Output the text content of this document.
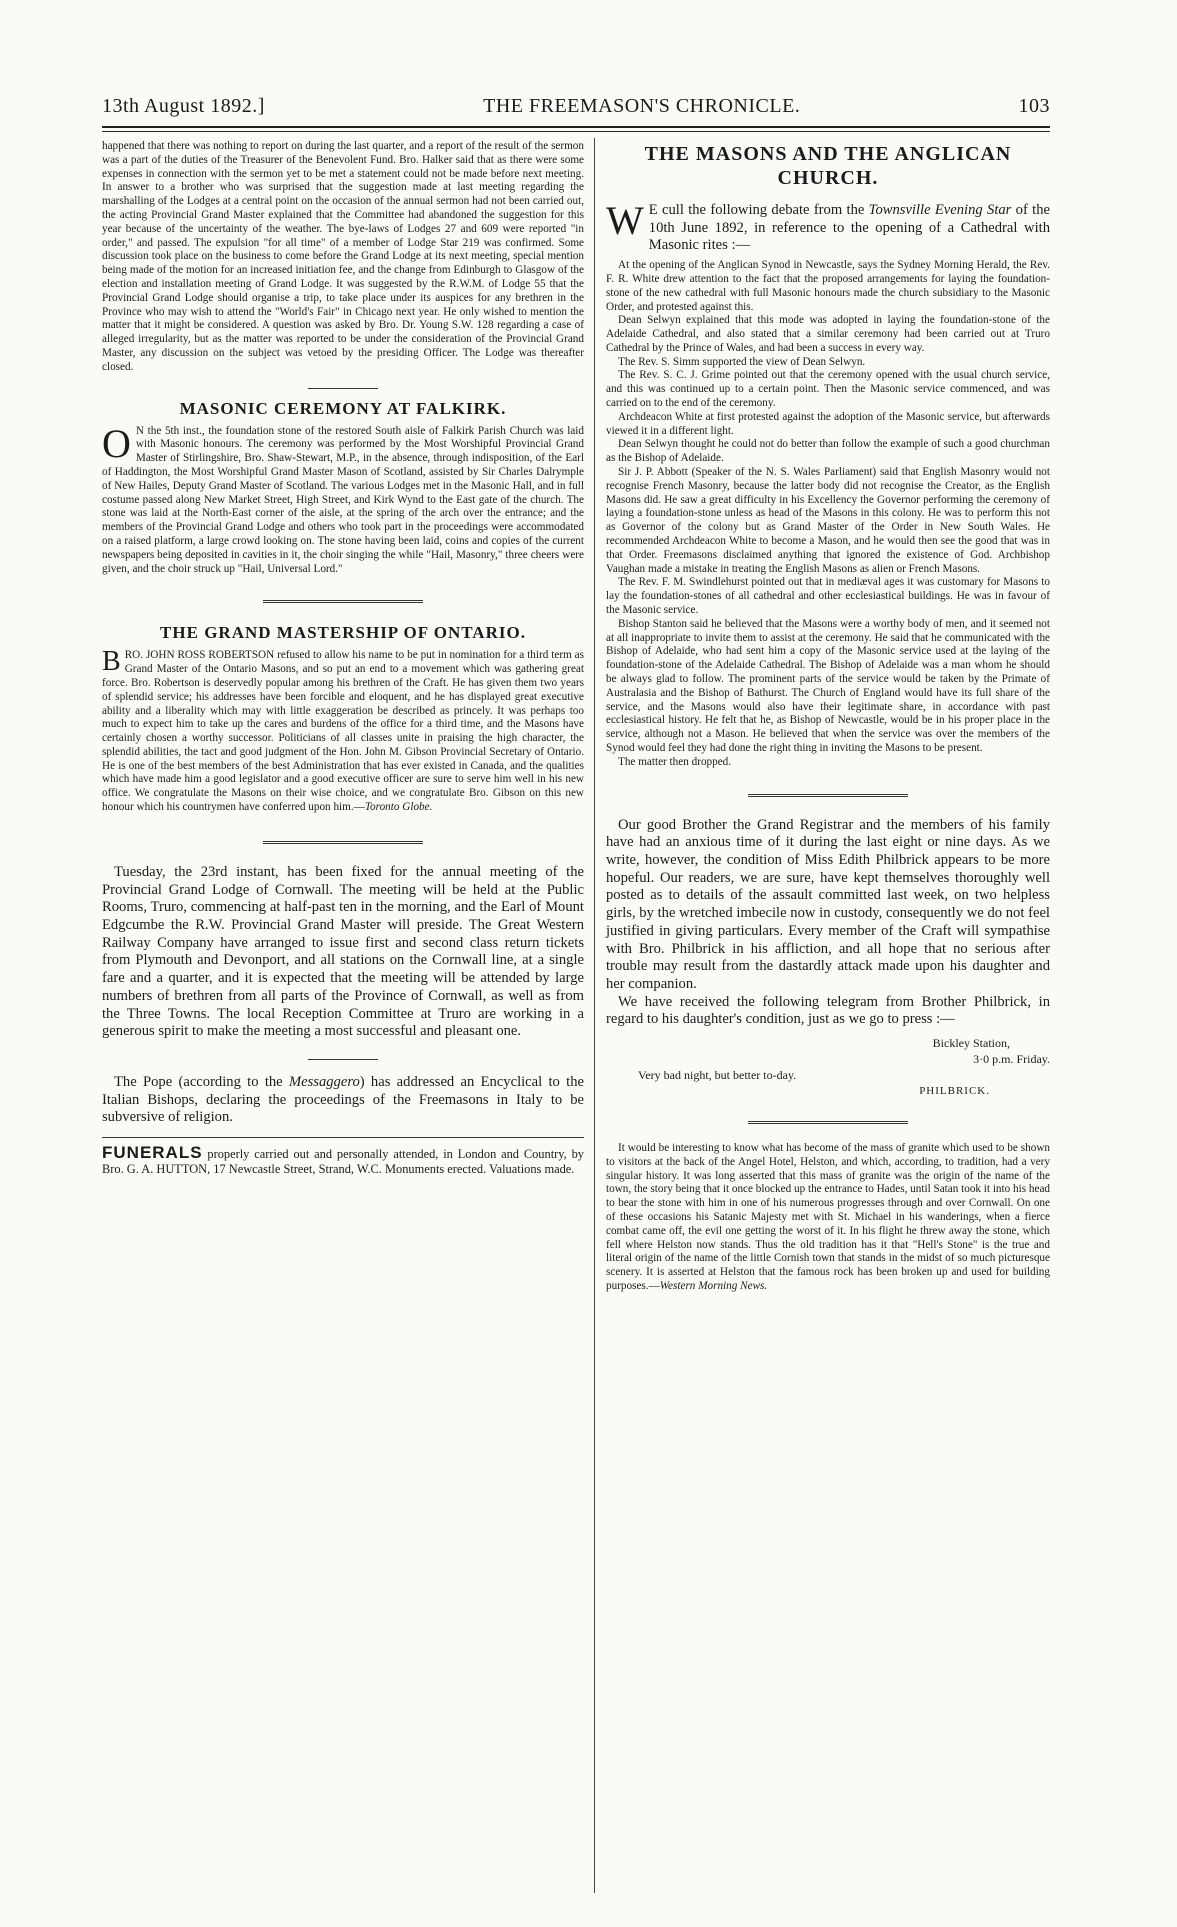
13th August 1892.]	THE FREEMASON'S CHRONICLE.	103

happened that there was nothing to report on during the last quarter, and a report of the result of the sermon was a part of the duties of the Treasurer of the Benevolent Fund. Bro. Halker said that as there were some expenses in connection with the sermon yet to be met a statement could not be made before next meeting. In answer to a brother who was surprised that the suggestion made at last meeting regarding the marshalling of the Lodges at a central point on the occasion of the annual sermon had not been carried out, the acting Provincial Grand Master explained that the Committee had abandoned the suggestion for this year because of the uncertainty of the weather. The bye-laws of Lodges 27 and 609 were reported "in order," and passed. The expulsion "for all time" of a member of Lodge Star 219 was confirmed. Some discussion took place on the business to come before the Grand Lodge at its next meeting, special mention being made of the motion for an increased initiation fee, and the change from Edinburgh to Glasgow of the election and installation meeting of Grand Lodge. It was suggested by the R.W.M. of Lodge 55 that the Provincial Grand Lodge should organise a trip, to take place under its auspices for any brethren in the Province who may wish to attend the "World's Fair" in Chicago next year. He only wished to mention the matter that it might be considered. A question was asked by Bro. Dr. Young S.W. 128 regarding a case of alleged irregularity, but as the matter was reported to be under the consideration of the Provincial Grand Master, any discussion on the subject was vetoed by the presiding Officer. The Lodge was thereafter closed.

MASONIC CEREMONY AT FALKIRK.

O N the 5th inst., the foundation stone of the restored South aisle of Falkirk Parish Church was laid with Masonic honours. The ceremony was performed by the Most Worshipful Provincial Grand Master of Stirlingshire, Bro. Shaw-Stewart, M.P., in the absence, through indisposition, of the Earl of Haddington, the Most Worshipful Grand Master Mason of Scotland, assisted by Sir Charles Dalrymple of New Hailes, Deputy Grand Master of Scotland. The various Lodges met in the Masonic Hall, and in full costume passed along New Market Street, High Street, and Kirk Wynd to the East gate of the church. The stone was laid at the North-East corner of the aisle, at the spring of the arch over the entrance; and the members of the Provincial Grand Lodge and others who took part in the proceedings were accommodated on a raised platform, a large crowd looking on. The stone having been laid, coins and copies of the current newspapers being deposited in cavities in it, the choir singing the while "Hail, Masonry," three cheers were given, and the choir struck up "Hail, Universal Lord."

THE GRAND MASTERSHIP OF ONTARIO.

BRO. JOHN ROSS ROBERTSON refused to allow his name to be put in nomination for a third term as Grand Master of the Ontario Masons, and so put an end to a movement which was gathering great force. Bro. Robertson is deservedly popular among his brethren of the Craft. He has given them two years of splendid service; his addresses have been forcible and eloquent, and he has displayed great executive ability and a liberality which may with little exaggeration be described as princely. It was perhaps too much to expect him to take up the cares and burdens of the office for a third time, and the Masons have certainly chosen a worthy successor. Politicians of all classes unite in praising the high character, the splendid abilities, the tact and good judgment of the Hon. John M. Gibson Provincial Secretary of Ontario. He is one of the best members of the best Administration that has ever existed in Canada, and the qualities which have made him a good legislator and a good executive officer are sure to serve him well in his new office. We congratulate the Masons on their wise choice, and we congratulate Bro. Gibson on this new honour which his countrymen have conferred upon him.—Toronto Globe.

Tuesday, the 23rd instant, has been fixed for the annual meeting of the Provincial Grand Lodge of Cornwall. The meeting will be held at the Public Rooms, Truro, commencing at half-past ten in the morning, and the Earl of Mount Edgcumbe the R.W. Provincial Grand Master will preside. The Great Western Railway Company have arranged to issue first and second class return tickets from Plymouth and Devonport, and all stations on the Cornwall line, at a single fare and a quarter, and it is expected that the meeting will be attended by large numbers of brethren from all parts of the Province of Cornwall, as well as from the Three Towns. The local Reception Committee at Truro are working in a generous spirit to make the meeting a most successful and pleasant one.

The Pope (according to the Messaggero) has addressed an Encyclical to the Italian Bishops, declaring the proceedings of the Freemasons in Italy to be subversive of religion.

FUNERALS properly carried out and personally attended, in London and Country, by Bro. G. A. HUTTON, 17 Newcastle Street, Strand, W.C. Monuments erected. Valuations made.

THE MASONS AND THE ANGLICAN
CHURCH.

W E cull the following debate from the Townsville Evening Star of the 10th June 1892, in reference to the opening of a Cathedral with Masonic rites :—

At the opening of the Anglican Synod in Newcastle, says the Sydney Morning Herald, the Rev. F. R. White drew attention to the fact that the proposed arrangements for laying the foundation-stone of the new cathedral with full Masonic honours made the church subsidiary to the Masonic Order, and protested against this.

Dean Selwyn explained that this mode was adopted in laying the foundation-stone of the Adelaide Cathedral, and also stated that a similar ceremony had been carried out at Truro Cathedral by the Prince of Wales, and had been a success in every way.

The Rev. S. Simm supported the view of Dean Selwyn.

The Rev. S. C. J. Grime pointed out that the ceremony opened with the usual church service, and this was continued up to a certain point. Then the Masonic service commenced, and was carried on to the end of the ceremony.

Archdeacon White at first protested against the adoption of the Masonic service, but afterwards viewed it in a different light.

Dean Selwyn thought he could not do better than follow the example of such a good churchman as the Bishop of Adelaide.

Sir J. P. Abbott (Speaker of the N. S. Wales Parliament) said that English Masonry would not recognise French Masonry, because the latter body did not recognise the Creator, as the English Masons did. He saw a great difficulty in his Excellency the Governor performing the ceremony of laying a foundation-stone unless as head of the Masons in this colony. He was to perform this not as Governor of the colony but as Grand Master of the Order in New South Wales. He recommended Archdeacon White to become a Mason, and he would then see the good that was in that Order. Freemasons disclaimed anything that ignored the existence of God. Archbishop Vaughan made a mistake in treating the English Masons as alien or French Masons.

The Rev. F. M. Swindlehurst pointed out that in mediæval ages it was customary for Masons to lay the foundation-stones of all cathedral and other ecclesiastical buildings. He was in favour of the Masonic service.

Bishop Stanton said he believed that the Masons were a worthy body of men, and it seemed not at all inappropriate to invite them to assist at the ceremony. He said that he communicated with the Bishop of Adelaide, who had sent him a copy of the Masonic service used at the laying of the foundation-stone of the Adelaide Cathedral. The Bishop of Adelaide was a man whom he should be always glad to follow. The prominent parts of the service would be taken by the Primate of Australasia and the Bishop of Bathurst. The Church of England would have its full share of the service, and the Masons would also have their legitimate share, in accordance with past ecclesiastical history. He felt that he, as Bishop of Newcastle, would be in his proper place in the service, although not a Mason. He believed that when the service was over the members of the Synod would feel they had done the right thing in inviting the Masons to be present.

The matter then dropped.

Our good Brother the Grand Registrar and the members of his family have had an anxious time of it during the last eight or nine days. As we write, however, the condition of Miss Edith Philbrick appears to be more hopeful. Our readers, we are sure, have kept themselves thoroughly well posted as to details of the assault committed last week, on two helpless girls, by the wretched imbecile now in custody, consequently we do not feel justified in giving particulars. Every member of the Craft will sympathise with Bro. Philbrick in his affliction, and all hope that no serious after trouble may result from the dastardly attack made upon his daughter and her companion.

We have received the following telegram from Brother Philbrick, in regard to his daughter's condition, just as we go to press :—

Bickley Station,

3·0 p.m. Friday.

Very bad night, but better to-day.

PHILBRICK.

It would be interesting to know what has become of the mass of granite which used to be shown to visitors at the back of the Angel Hotel, Helston, and which, according, to tradition, had a very singular history. It was long asserted that this mass of granite was the origin of the name of the town, the story being that it once blocked up the entrance to Hades, until Satan took it into his head to bear the stone with him in one of his numerous progresses through and over Cornwall. On one of these occasions his Satanic Majesty met with St. Michael in his wanderings, when a fierce combat came off, the evil one getting the worst of it. In his flight he threw away the stone, which fell where Helston now stands. Thus the old tradition has it that "Hell's Stone" is the true and literal origin of the name of the little Cornish town that stands in the midst of so much picturesque scenery. It is asserted at Helston that the famous rock has been broken up and used for building purposes.—Western Morning News.
